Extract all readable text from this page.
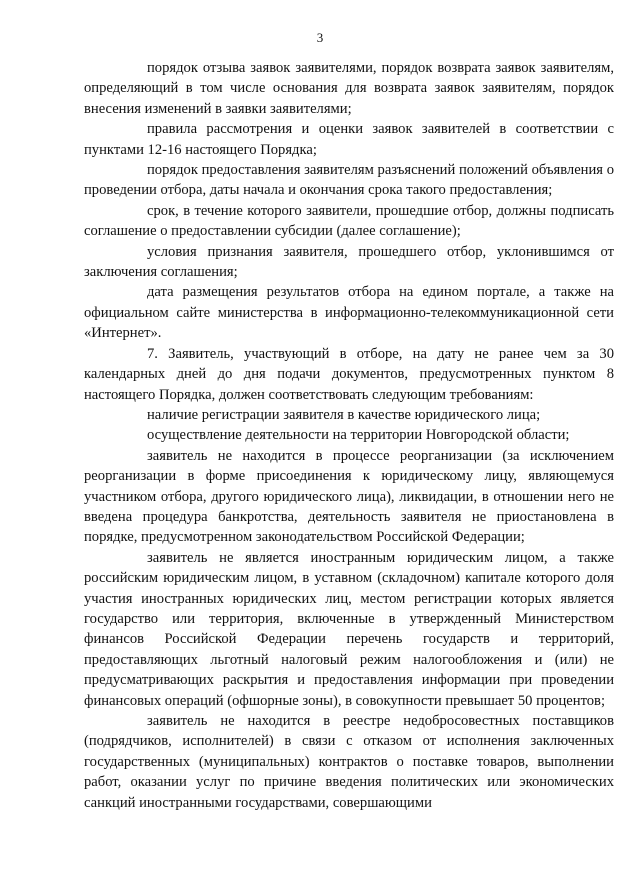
3

порядок отзыва заявок заявителями, порядок возврата заявок заявителям, определяющий в том числе основания для возврата заявок заявителям, порядок внесения изменений в заявки заявителями;

правила рассмотрения и оценки заявок заявителей в соответствии с пунктами 12-16 настоящего Порядка;

порядок предоставления заявителям разъяснений положений объявления о проведении отбора, даты начала и окончания срока такого предоставления;

срок, в течение которого заявители, прошедшие отбор, должны подписать соглашение о предоставлении субсидии (далее соглашение);

условия признания заявителя, прошедшего отбор, уклонившимся от заключения соглашения;

дата размещения результатов отбора на едином портале, а также на официальном сайте министерства в информационно-телекоммуникационной сети «Интернет».

7. Заявитель, участвующий в отборе, на дату не ранее чем за 30 календарных дней до дня подачи документов, предусмотренных пунктом 8 настоящего Порядка, должен соответствовать следующим требованиям:

наличие регистрации заявителя в качестве юридического лица;

осуществление деятельности на территории Новгородской области;

заявитель не находится в процессе реорганизации (за исключением реорганизации в форме присоединения к юридическому лицу, являющемуся участником отбора, другого юридического лица), ликвидации, в отношении него не введена процедура банкротства, деятельность заявителя не приостановлена в порядке, предусмотренном законодательством Российской Федерации;

заявитель не является иностранным юридическим лицом, а также российским юридическим лицом, в уставном (складочном) капитале которого доля участия иностранных юридических лиц, местом регистрации которых является государство или территория, включенные в утвержденный Министерством финансов Российской Федерации перечень государств и территорий, предоставляющих льготный налоговый режим налогообложения и (или) не предусматривающих раскрытия и предоставления информации при проведении финансовых операций (офшорные зоны), в совокупности превышает 50 процентов;

заявитель не находится в реестре недобросовестных поставщиков (подрядчиков, исполнителей) в связи с отказом от исполнения заключенных государственных (муниципальных) контрактов о поставке товаров, выполнении работ, оказании услуг по причине введения политических или экономических санкций иностранными государствами, совершающими
